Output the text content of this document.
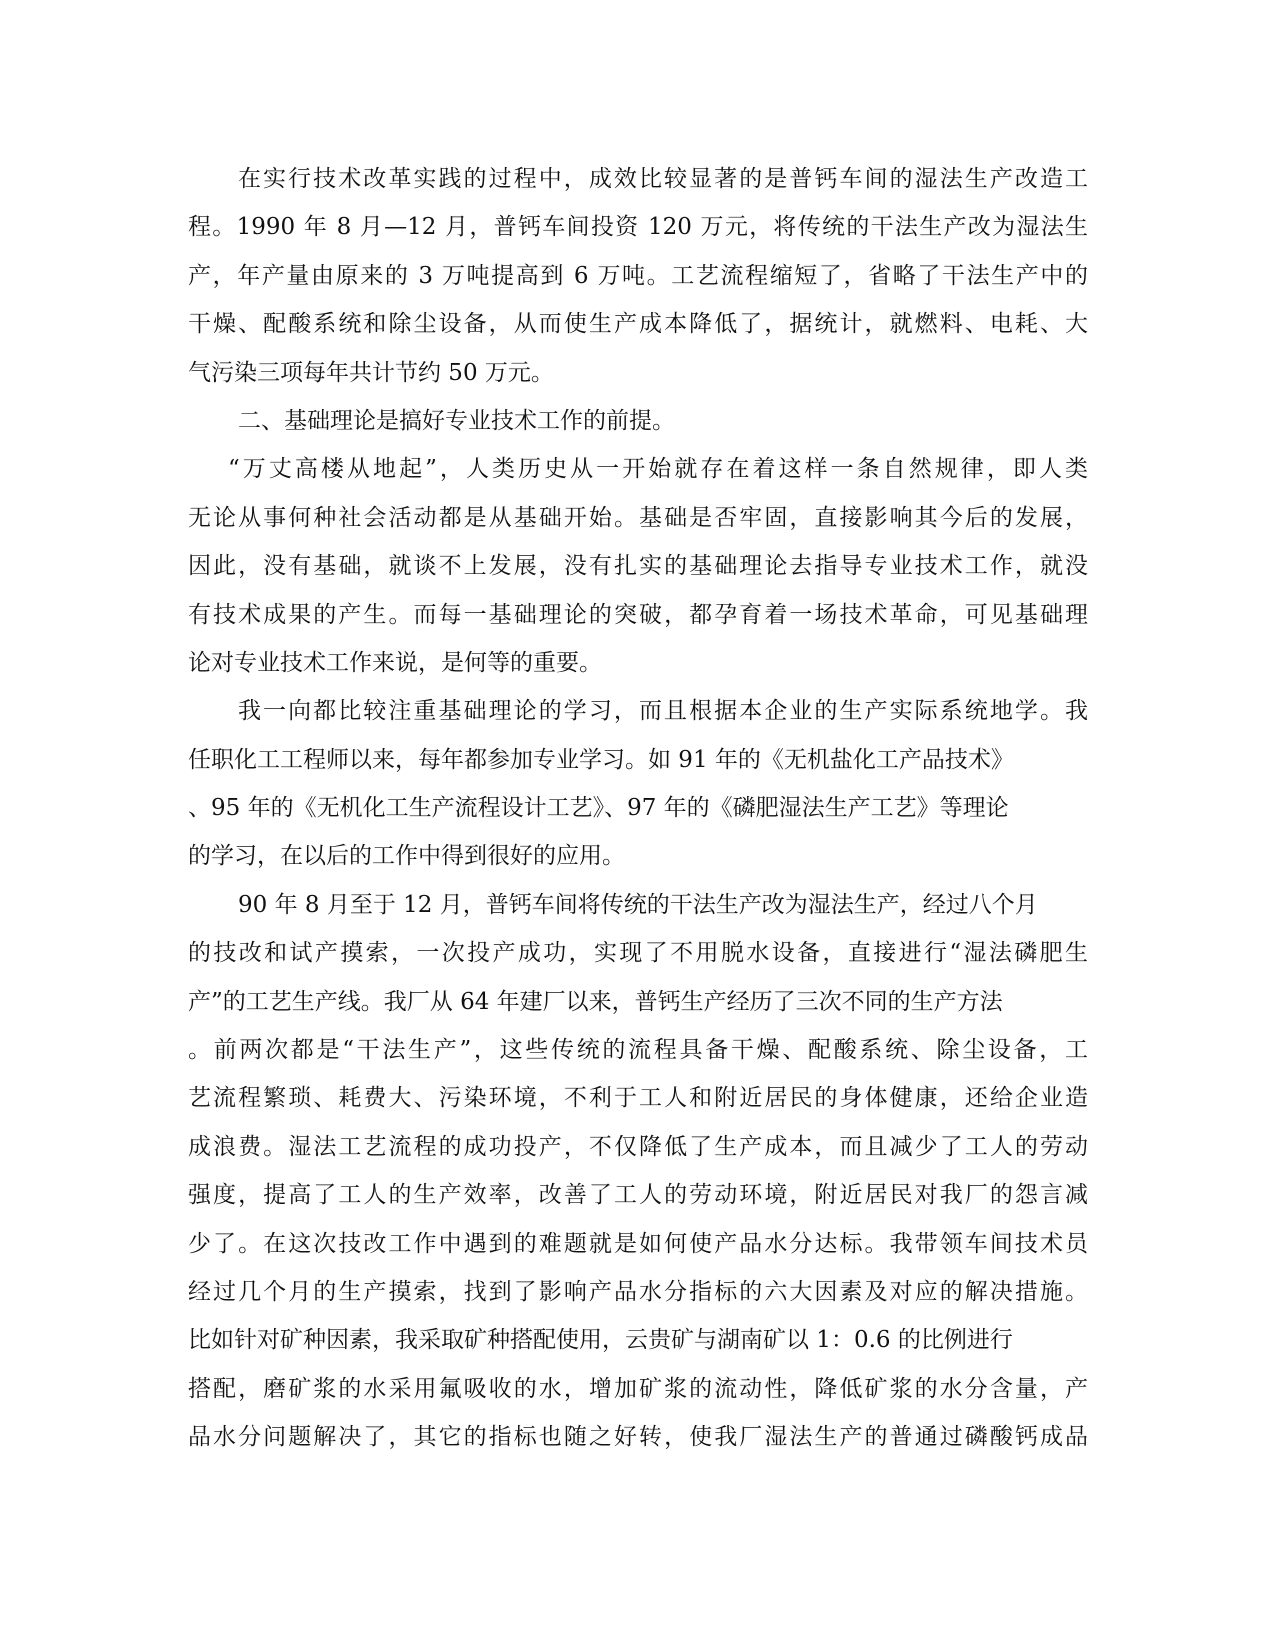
在实行技术改革实践的过程中，成效比较显著的是普钙车间的湿法生产改造工
程。1990 年 8 月—12 月，普钙车间投资 120 万元，将传统的干法生产改为湿法生
产，年产量由原来的 3 万吨提高到 6 万吨。工艺流程缩短了，省略了干法生产中的
干燥、配酸系统和除尘设备，从而使生产成本降低了，据统计，就燃料、电耗、大
气污染三项每年共计节约 50 万元。
二、基础理论是搞好专业技术工作的前提。
“万丈高楼从地起”，人类历史从一开始就存在着这样一条自然规律，即人类
无论从事何种社会活动都是从基础开始。基础是否牢固，直接影响其今后的发展，
因此，没有基础，就谈不上发展，没有扎实的基础理论去指导专业技术工作，就没
有技术成果的产生。而每一基础理论的突破，都孕育着一场技术革命，可见基础理
论对专业技术工作来说，是何等的重要。
我一向都比较注重基础理论的学习，而且根据本企业的生产实际系统地学。我
任职化工工程师以来，每年都参加专业学习。如 91 年的《无机盐化工产品技术》
、95 年的《无机化工生产流程设计工艺》、97 年的《磷肥湿法生产工艺》等理论
的学习，在以后的工作中得到很好的应用。
90 年 8 月至于 12 月，普钙车间将传统的干法生产改为湿法生产，经过八个月
的技改和试产摸索，一次投产成功，实现了不用脱水设备，直接进行“湿法磷肥生
产”的工艺生产线。我厂从 64 年建厂以来，普钙生产经历了三次不同的生产方法
。前两次都是“干法生产”，这些传统的流程具备干燥、配酸系统、除尘设备，工
艺流程繁琐、耗费大、污染环境，不利于工人和附近居民的身体健康，还给企业造
成浪费。湿法工艺流程的成功投产，不仅降低了生产成本，而且减少了工人的劳动
强度，提高了工人的生产效率，改善了工人的劳动环境，附近居民对我厂的怨言减
少了。在这次技改工作中遇到的难题就是如何使产品水分达标。我带领车间技术员
经过几个月的生产摸索，找到了影响产品水分指标的六大因素及对应的解决措施。
比如针对矿种因素，我采取矿种搭配使用，云贵矿与湖南矿以 1：0.6 的比例进行
搭配，磨矿浆的水采用氟吸收的水，增加矿浆的流动性，降低矿浆的水分含量，产
品水分问题解决了，其它的指标也随之好转，使我厂湿法生产的普通过磷酸钙成品
